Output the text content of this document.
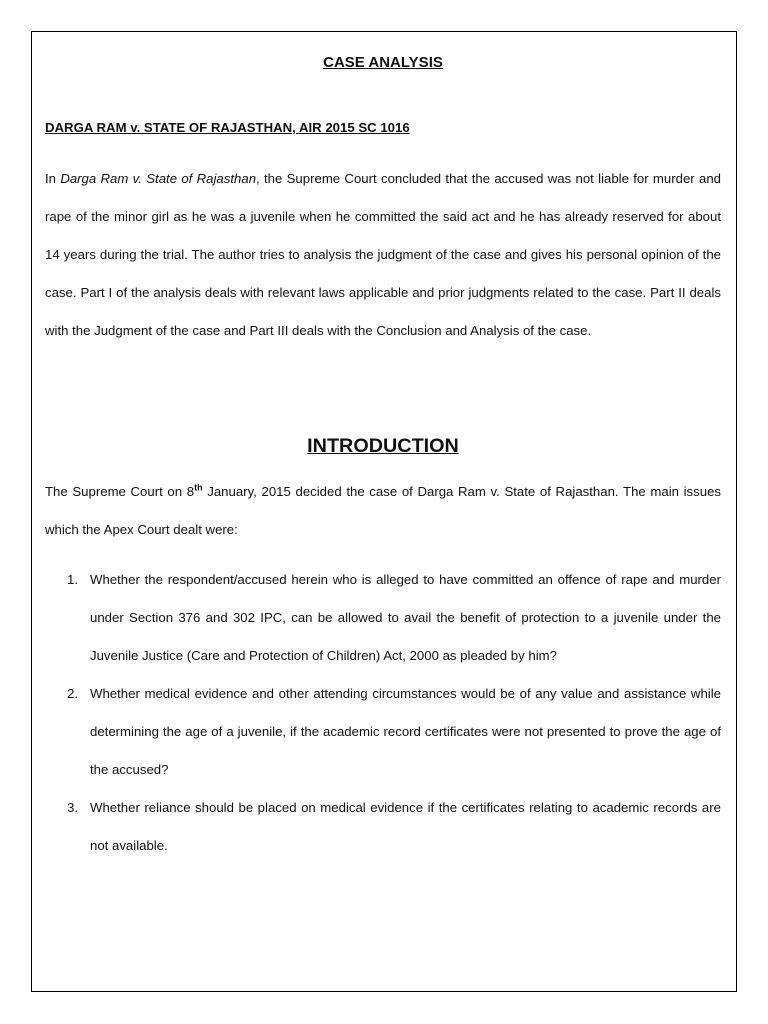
CASE ANALYSIS

DARGA RAM v. STATE OF RAJASTHAN, AIR 2015 SC 1016

In Darga Ram v. State of Rajasthan, the Supreme Court concluded that the accused was not liable for murder and rape of the minor girl as he was a juvenile when he committed the said act and he has already reserved for about 14 years during the trial. The author tries to analysis the judgment of the case and gives his personal opinion of the case. Part I of the analysis deals with relevant laws applicable and prior judgments related to the case. Part II deals with the Judgment of the case and Part III deals with the Conclusion and Analysis of the case.

INTRODUCTION

The Supreme Court on 8th January, 2015 decided the case of Darga Ram v. State of Rajasthan. The main issues which the Apex Court dealt were:

1. Whether the respondent/accused herein who is alleged to have committed an offence of rape and murder under Section 376 and 302 IPC, can be allowed to avail the benefit of protection to a juvenile under the Juvenile Justice (Care and Protection of Children) Act, 2000 as pleaded by him?
2. Whether medical evidence and other attending circumstances would be of any value and assistance while determining the age of a juvenile, if the academic record certificates were not presented to prove the age of the accused?
3. Whether reliance should be placed on medical evidence if the certificates relating to academic records are not available.
